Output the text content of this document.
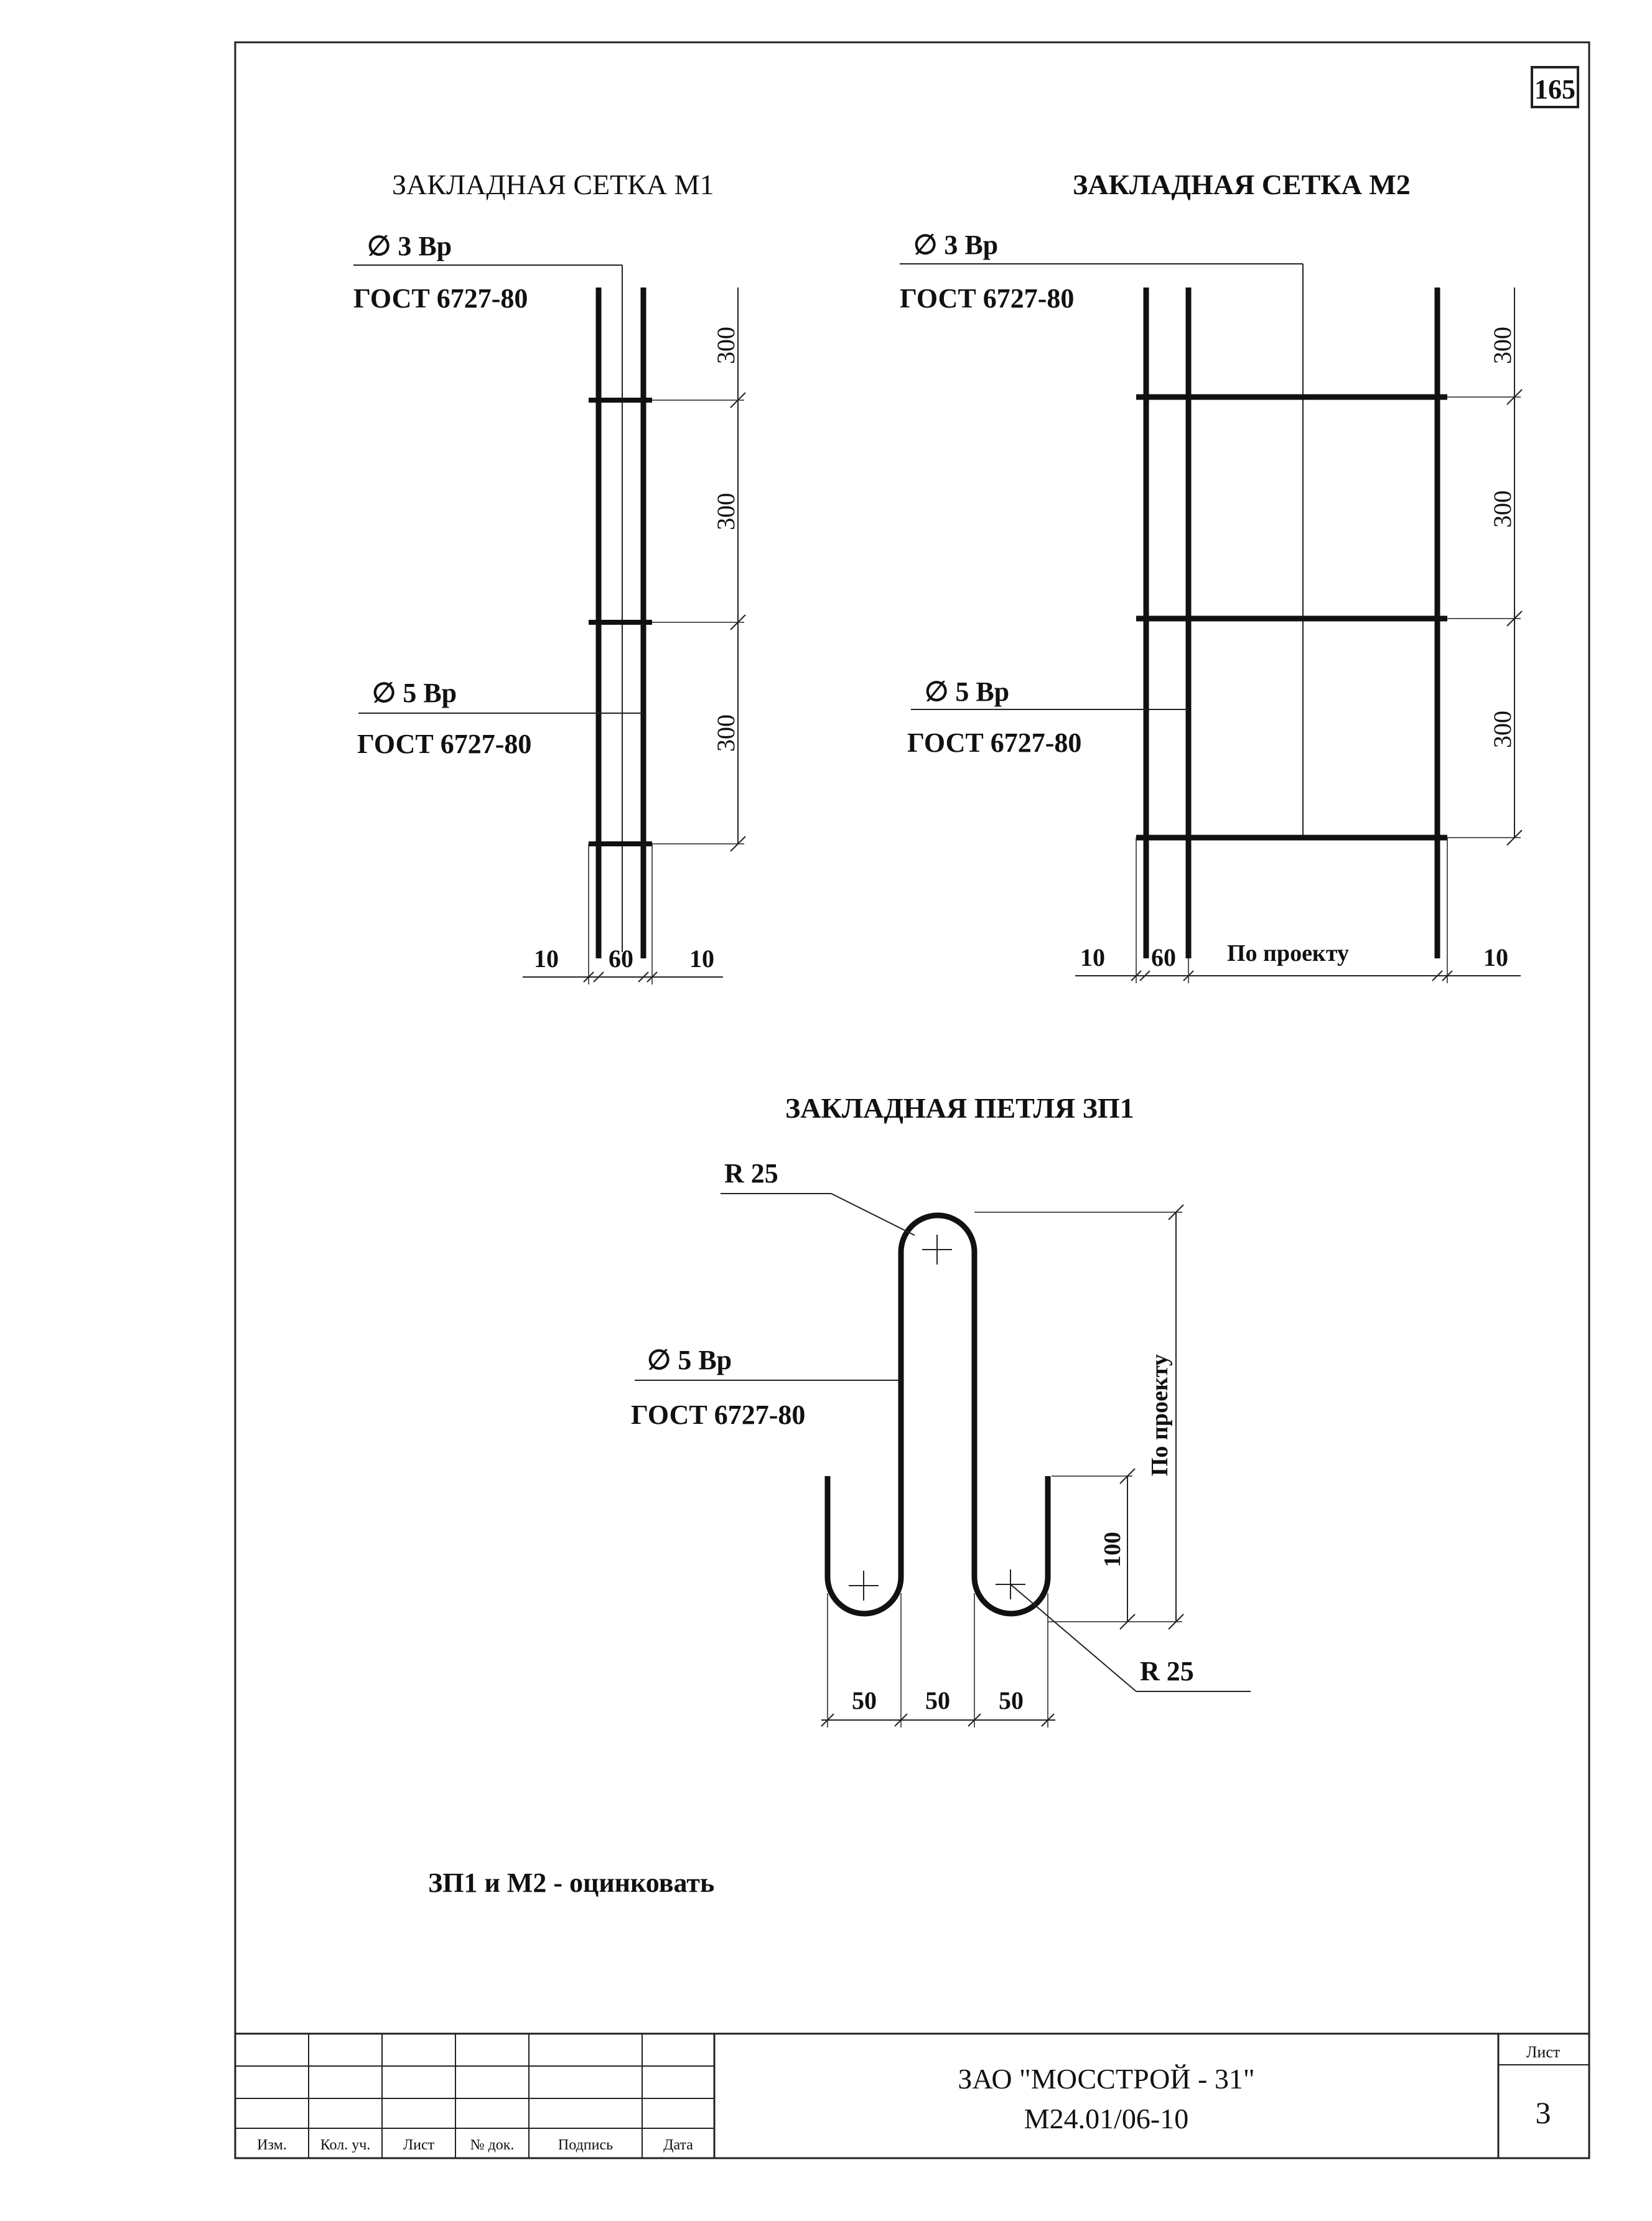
165
ЗАКЛАДНАЯ СЕТКА М1
∅ 3 Вр
ГОСТ 6727-80
∅ 5 Вр
ГОСТ 6727-80
300
300
300
10 60 10
ЗАКЛАДНАЯ СЕТКА М2
∅ 3 Вр
ГОСТ 6727-80
∅ 5 Вр
ГОСТ 6727-80
300
300
300
10 60 По проекту	10
ЗАКЛАДНАЯ ПЕТЛЯ ЗП1
R 25
R 25
∅ 5 Вр
ГОСТ 6727-80	По проекту
100
50 50 50
ЗП1 и М2 - оцинковать
Изм. Кол. уч. Лист № док.	Подпись	Дата
ЗАО "МОССТРОЙ - 31"
М24.01/06-10
Лист
3
